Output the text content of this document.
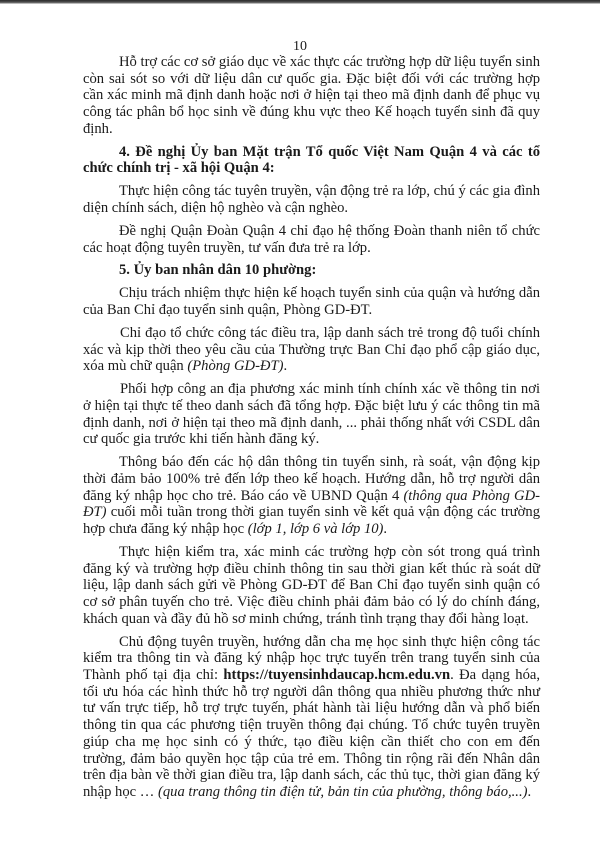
10

Hỗ trợ các cơ sở giáo dục về xác thực các trường hợp dữ liệu tuyển sinh còn sai sót so với dữ liệu dân cư quốc gia. Đặc biệt đối với các trường hợp cần xác minh mã định danh hoặc nơi ở hiện tại theo mã định danh để phục vụ công tác phân bổ học sinh về đúng khu vực theo Kế hoạch tuyển sinh đã quy định.

4. Đề nghị Ủy ban Mặt trận Tổ quốc Việt Nam Quận 4 và các tổ chức chính trị - xã hội Quận 4:

Thực hiện công tác tuyên truyền, vận động trẻ ra lớp, chú ý các gia đình diện chính sách, diện hộ nghèo và cận nghèo.

Đề nghị Quận Đoàn Quận 4 chỉ đạo hệ thống Đoàn thanh niên tổ chức các hoạt động tuyên truyền, tư vấn đưa trẻ ra lớp.

5. Ủy ban nhân dân 10 phường:

Chịu trách nhiệm thực hiện kế hoạch tuyển sinh của quận và hướng dẫn của Ban Chỉ đạo tuyển sinh quận, Phòng GD-ĐT.

Chỉ đạo tổ chức công tác điều tra, lập danh sách trẻ trong độ tuổi chính xác và kịp thời theo yêu cầu của Thường trực Ban Chỉ đạo phổ cập giáo dục, xóa mù chữ quận (Phòng GD-ĐT).

Phối hợp công an địa phương xác minh tính chính xác về thông tin nơi ở hiện tại thực tế theo danh sách đã tổng hợp. Đặc biệt lưu ý các thông tin mã định danh, nơi ở hiện tại theo mã định danh, ... phải thống nhất với CSDL dân cư quốc gia trước khi tiến hành đăng ký.

Thông báo đến các hộ dân thông tin tuyển sinh, rà soát, vận động kịp thời đảm bảo 100% trẻ đến lớp theo kế hoạch. Hướng dẫn, hỗ trợ người dân đăng ký nhập học cho trẻ. Báo cáo về UBND Quận 4 (thông qua Phòng GD-ĐT) cuối mỗi tuần trong thời gian tuyển sinh về kết quả vận động các trường hợp chưa đăng ký nhập học (lớp 1, lớp 6 và lớp 10).

Thực hiện kiểm tra, xác minh các trường hợp còn sót trong quá trình đăng ký và trường hợp điều chỉnh thông tin sau thời gian kết thúc rà soát dữ liệu, lập danh sách gửi về Phòng GD-ĐT để Ban Chỉ đạo tuyển sinh quận có cơ sở phân tuyến cho trẻ. Việc điều chỉnh phải đảm bảo có lý do chính đáng, khách quan và đầy đủ hồ sơ minh chứng, tránh tình trạng thay đổi hàng loạt.

Chủ động tuyên truyền, hướng dẫn cha mẹ học sinh thực hiện công tác kiểm tra thông tin và đăng ký nhập học trực tuyến trên trang tuyển sinh của Thành phố tại địa chỉ: https://tuyensinhdaucap.hcm.edu.vn. Đa dạng hóa, tối ưu hóa các hình thức hỗ trợ người dân thông qua nhiều phương thức như tư vấn trực tiếp, hỗ trợ trực tuyến, phát hành tài liệu hướng dẫn và phổ biến thông tin qua các phương tiện truyền thông đại chúng. Tổ chức tuyên truyền giúp cha mẹ học sinh có ý thức, tạo điều kiện cần thiết cho con em đến trường, đảm bảo quyền học tập của trẻ em. Thông tin rộng rãi đến Nhân dân trên địa bàn về thời gian điều tra, lập danh sách, các thủ tục, thời gian đăng ký nhập học … (qua trang thông tin điện tử, bản tin của phường, thông báo,...).
